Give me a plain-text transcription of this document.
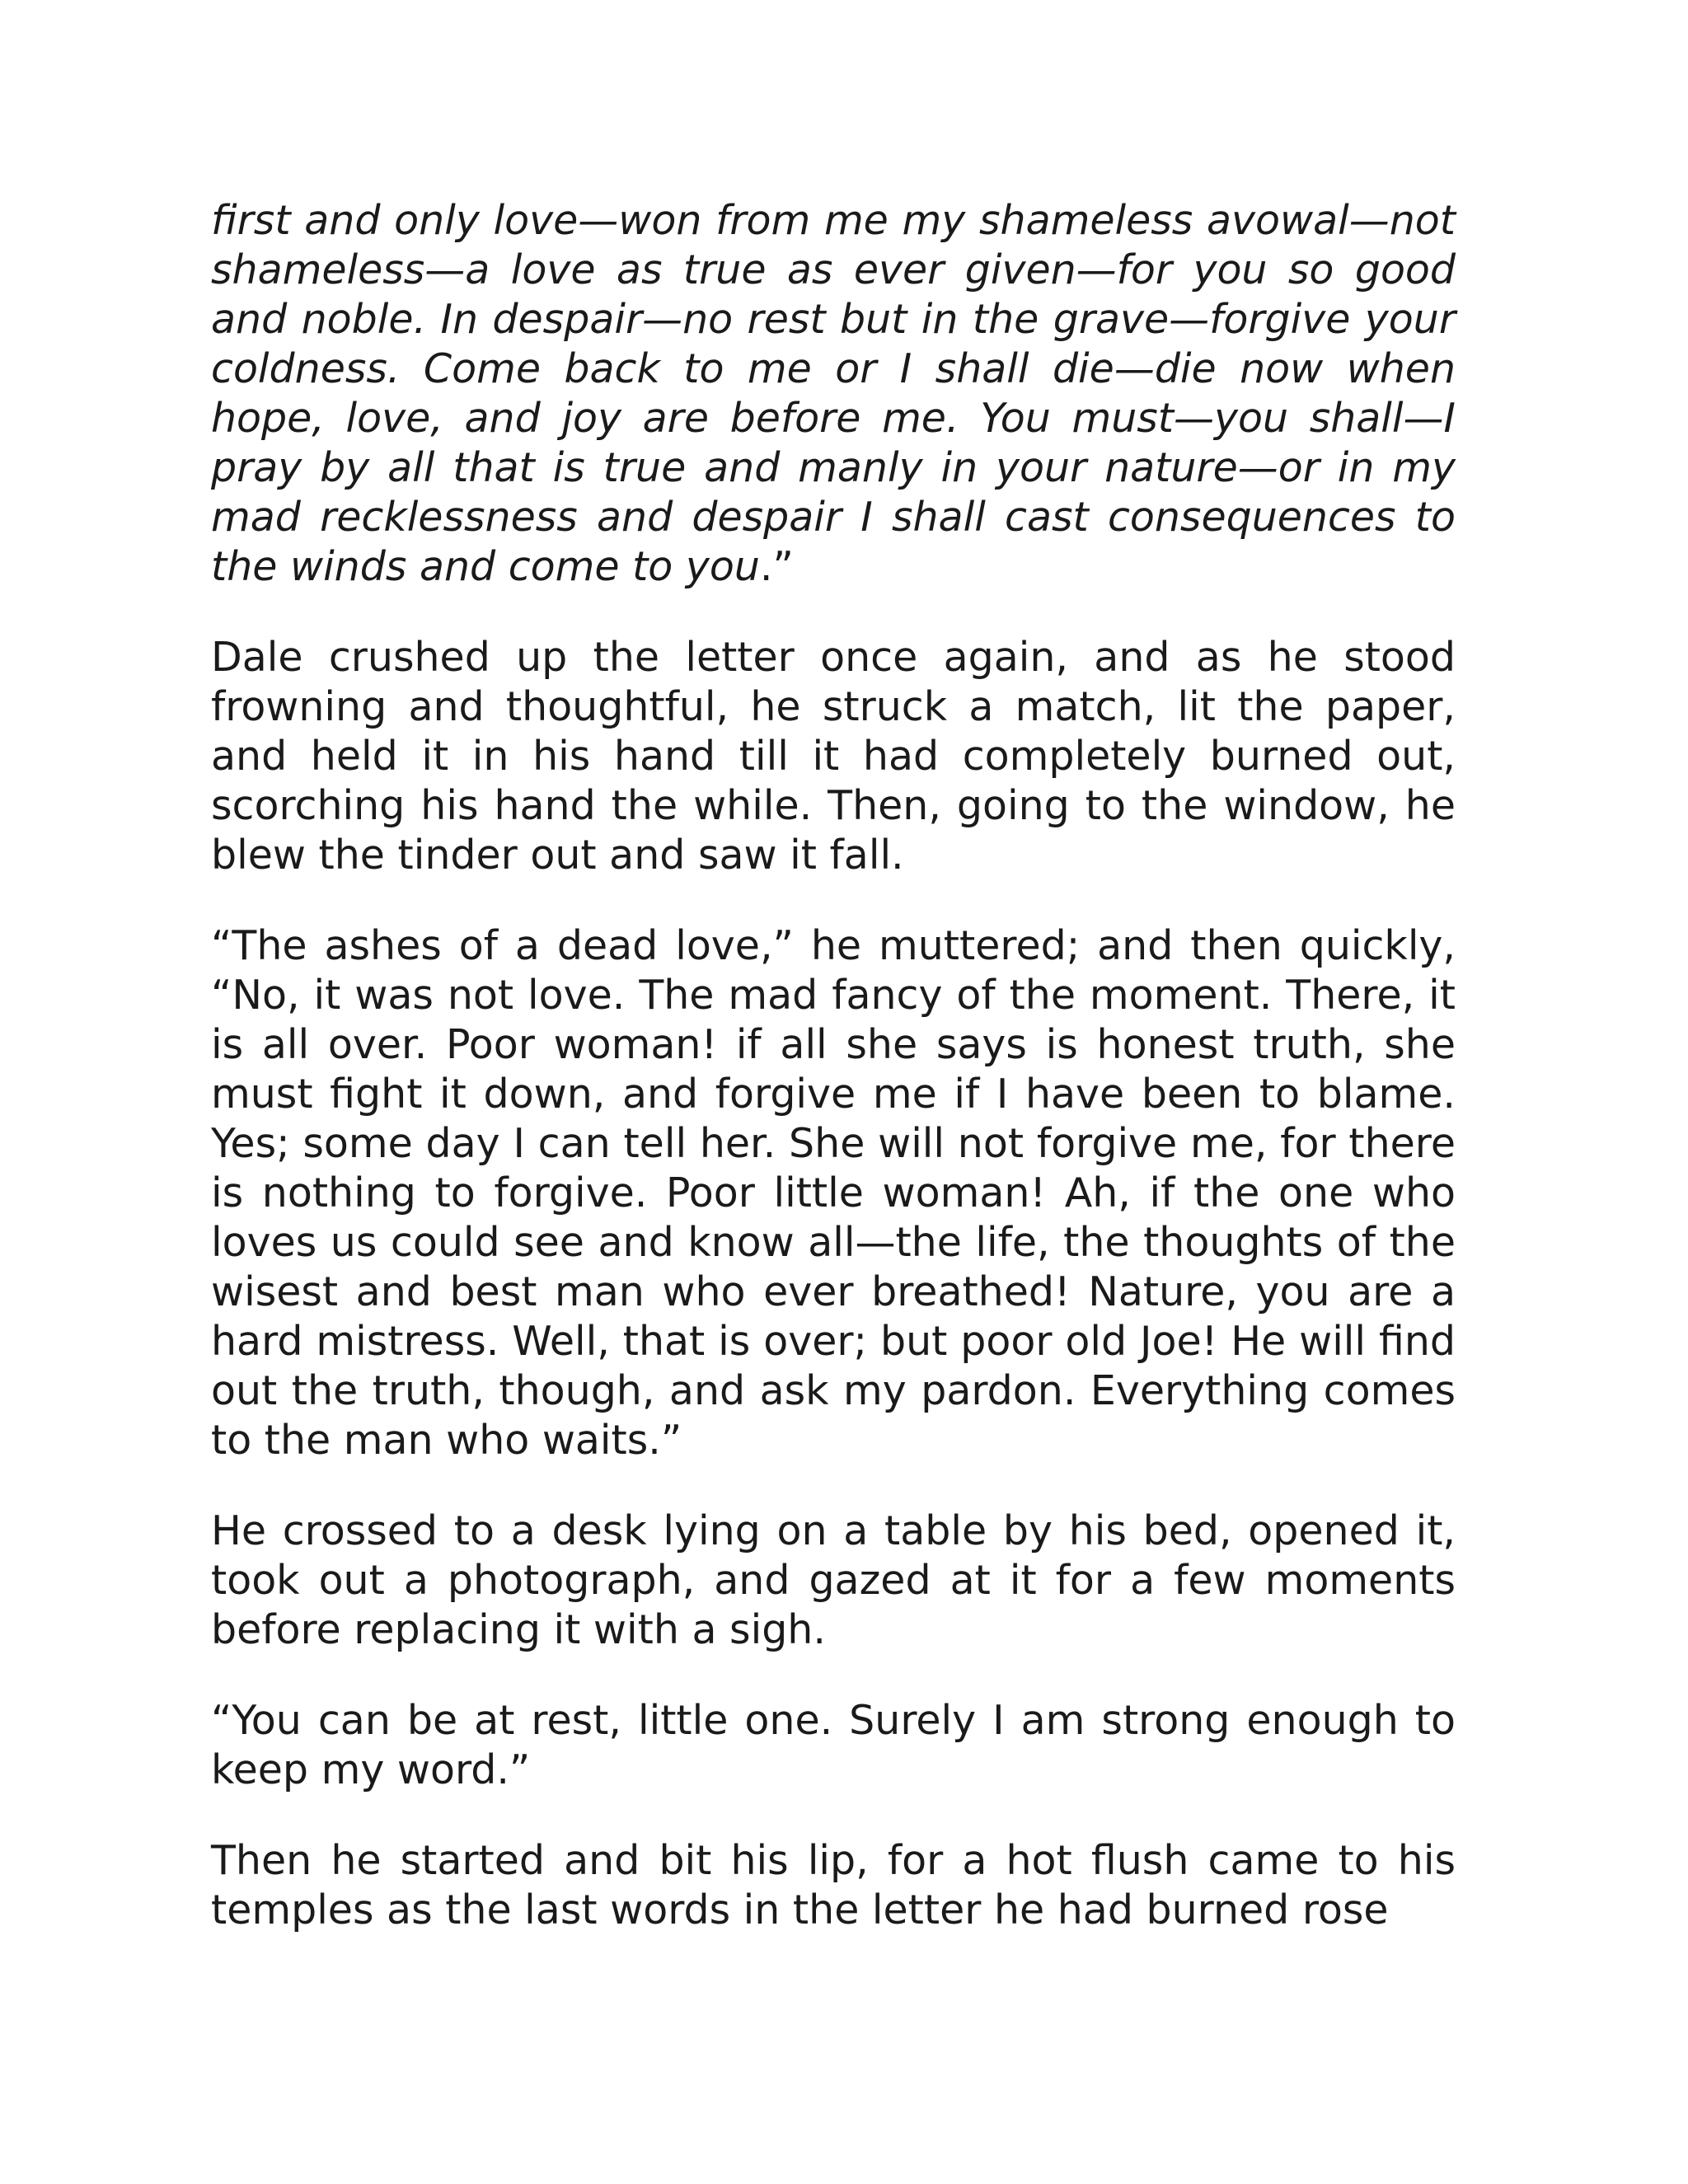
first and only love—won from me my shameless avowal—not shameless—a love as true as ever given—for you so good and noble. In despair—no rest but in the grave—forgive your coldness. Come back to me or I shall die—die now when hope, love, and joy are before me. You must—you shall—I pray by all that is true and manly in your nature—or in my mad recklessness and despair I shall cast consequences to the winds and come to you.”

Dale crushed up the letter once again, and as he stood frowning and thoughtful, he struck a match, lit the paper, and held it in his hand till it had completely burned out, scorching his hand the while. Then, going to the window, he blew the tinder out and saw it fall.

“The ashes of a dead love,” he muttered; and then quickly, “No, it was not love. The mad fancy of the moment. There, it is all over. Poor woman! if all she says is honest truth, she must fight it down, and forgive me if I have been to blame. Yes; some day I can tell her. She will not forgive me, for there is nothing to forgive. Poor little woman! Ah, if the one who loves us could see and know all—the life, the thoughts of the wisest and best man who ever breathed! Nature, you are a hard mistress. Well, that is over; but poor old Joe! He will find out the truth, though, and ask my pardon. Everything comes to the man who waits.”

He crossed to a desk lying on a table by his bed, opened it, took out a photograph, and gazed at it for a few moments before replacing it with a sigh.

“You can be at rest, little one. Surely I am strong enough to keep my word.”

Then he started and bit his lip, for a hot flush came to his temples as the last words in the letter he had burned rose
